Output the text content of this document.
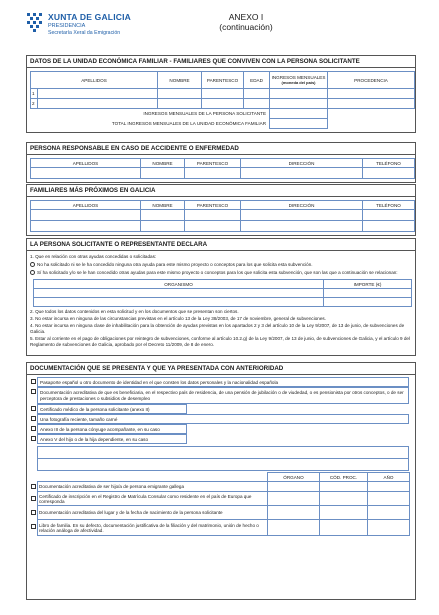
XUNTA DE GALICIA
PRESIDENCIA
Secretaría Xeral da Emigración
ANEXO I
(continuación)
DATOS DE LA UNIDAD ECONÓMICA FAMILIAR - FAMILIARES QUE CONVIVEN CON LA PERSONA SOLICITANTE
APELLIDOS		NOMBRE	PARENTESCO	EDAD	INGRESOS MENSUALES
(moneda del país)	PROCEDENCIA
1						
2						
INGRESOS MENSUALES DE LA PERSONA SOLICITANTE						
TOTAL INGRESOS MENSUALES DE LA UNIDAD ECONÓMICA FAMILIAR						
PERSONA RESPONSABLE EN CASO DE ACCIDENTE O ENFERMEDAD
APELLIDOS	NOMBRE	PARENTESCO	DIRECCIÓN	TELÉFONO

FAMILIARES MÁS PRÓXIMOS EN GALICIA
APELLIDOS	NOMBRE	PARENTESCO	DIRECCIÓN	TELÉFONO

LA PERSONA SOLICITANTE O REPRESENTANTE DECLARA
1. Que en relación con otras ayudas concedidas o solicitadas:
No ha solicitado ni se le ha concedido ninguna otra ayuda para este mismo proyecto o conceptos para los que solicita esta subvención.
Sí ha solicitado y/o se le han concedido otras ayudas para este mismo proyecto o conceptos para los que solicita esta subvención, que son las que a continuación se relacionan:
ORGANISMO	IMPORTE (€)

2. Que todos los datos contenidos en esta solicitud y en los documentos que se presentan son ciertos.
3. No estar incursa en ninguna de las circunstancias previstas en el artículo 13 de la Ley 38/2003, de 17 de noviembre, general de subvenciones.
4. No estar incursa en ninguna clase de inhabilitación para la obtención de ayudas previstas en los apartados 2 y 3 del artículo 10 de la Ley 9/2007, de 13 de junio, de subvenciones de Galicia.
5. Estar al corriente en el pago de obligaciones por reintegro de subvenciones, conforme al artículo 10.2.g) de la Ley 9/2007, de 13 de junio, de subvenciones de Galicia, y el artículo 9 del Reglamento de subvenciones de Galicia, aprobado por el Decreto 11/2009, de 8 de enero.
DOCUMENTACIÓN QUE SE PRESENTA Y QUE YA PRESENTADA CON ANTERIORIDAD
Pasaporte español u otro documento de identidad en el que consten los datos personales y la nacionalidad española
Documentación acreditativa de que es beneficiaria, en el respectivo país de residencia, de una pensión de jubilación o de viudedad, o es pensionista por otros conceptos, o de ser perceptora de prestaciones o subsidios de desempleo
Certificado médico de la persona solicitante (anexo II)
Una fotografía reciente, tamaño carné
Anexo III de la persona cónyuge acompañante, en su caso
Anexo V del hijo o de la hija dependiente, en su caso

	ÓRGANO	CÓD. PROC.	AÑO
Documentación acreditativa de ser hijo/a de persona emigrante gallega			
Certificado de inscripción en el Registro de Matrícula Consular como residente en el país de Europa que corresponda			
Documentación acreditativa del lugar y de la fecha de nacimiento de la persona solicitante			
Libro de familia. En su defecto, documentación justificativa de la filiación y del matrimonio, unión de hecho o relación análoga de afectividad.			
